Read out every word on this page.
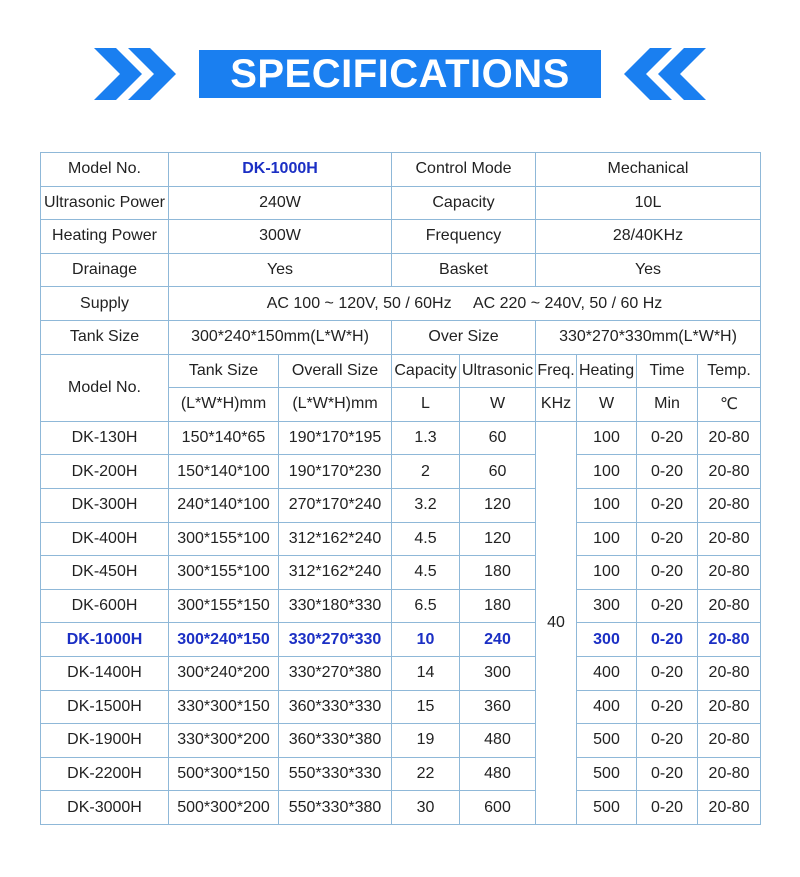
SPECIFICATIONS
Model No.	DK-1000H		Control Mode		Mechanical			
Ultrasonic Power	240W		Capacity		10L			
Heating Power	300W		Frequency		28/40KHz			
Drainage	Yes		Basket		Yes			
Supply	AC 100 ~ 120V, 50 / 60Hz     AC 220 ~ 240V, 50 / 60 Hz							
Tank Size	300*240*150mm(L*W*H)		Over Size		330*270*330mm(L*W*H)			
Model No.	Tank Size	Overall Size	Capacity	Ultrasonic	Freq.	Heating	Time	Temp.
	(L*W*H)mm	(L*W*H)mm	L	W	KHz	W	Min	℃
DK-130H	150*140*65	190*170*195	1.3	60	40	100	0-20	20-80
DK-200H	150*140*100	190*170*230	2	60		100	0-20	20-80
DK-300H	240*140*100	270*170*240	3.2	120		100	0-20	20-80
DK-400H	300*155*100	312*162*240	4.5	120		100	0-20	20-80
DK-450H	300*155*100	312*162*240	4.5	180		100	0-20	20-80
DK-600H	300*155*150	330*180*330	6.5	180		300	0-20	20-80
DK-1000H	300*240*150	330*270*330	10	240		300	0-20	20-80
DK-1400H	300*240*200	330*270*380	14	300		400	0-20	20-80
DK-1500H	330*300*150	360*330*330	15	360		400	0-20	20-80
DK-1900H	330*300*200	360*330*380	19	480		500	0-20	20-80
DK-2200H	500*300*150	550*330*330	22	480		500	0-20	20-80
DK-3000H	500*300*200	550*330*380	30	600		500	0-20	20-80
